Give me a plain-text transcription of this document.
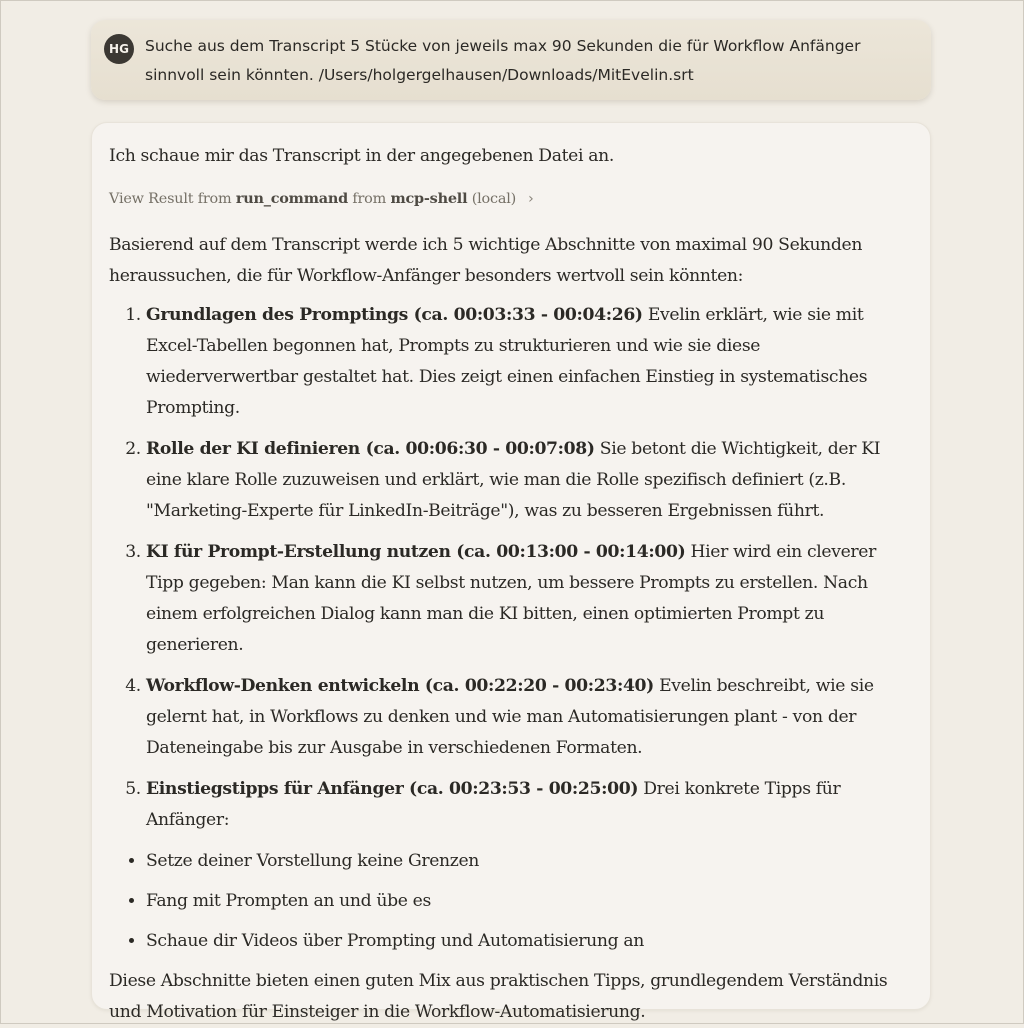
HG	Suche aus dem Transcript 5 Stücke von jeweils max 90 Sekunden die für Workflow Anfänger sinnvoll sein könnten. /Users/holgergelhausen/Downloads/MitEvelin.srt

Ich schaue mir das Transcript in der angegebenen Datei an.

View Result from run_command from mcp-shell (local) ›

Basierend auf dem Transcript werde ich 5 wichtige Abschnitte von maximal 90 Sekunden heraussuchen, die für Workflow-Anfänger besonders wertvoll sein könnten:

1. Grundlagen des Promptings (ca. 00:03:33 - 00:04:26) Evelin erklärt, wie sie mit Excel-Tabellen begonnen hat, Prompts zu strukturieren und wie sie diese wiederverwertbar gestaltet hat. Dies zeigt einen einfachen Einstieg in systematisches Prompting.
2. Rolle der KI definieren (ca. 00:06:30 - 00:07:08) Sie betont die Wichtigkeit, der KI eine klare Rolle zuzuweisen und erklärt, wie man die Rolle spezifisch definiert (z.B. "Marketing-Experte für LinkedIn-Beiträge"), was zu besseren Ergebnissen führt.
3. KI für Prompt-Erstellung nutzen (ca. 00:13:00 - 00:14:00) Hier wird ein cleverer Tipp gegeben: Man kann die KI selbst nutzen, um bessere Prompts zu erstellen. Nach einem erfolgreichen Dialog kann man die KI bitten, einen optimierten Prompt zu generieren.
4. Workflow-Denken entwickeln (ca. 00:22:20 - 00:23:40) Evelin beschreibt, wie sie gelernt hat, in Workflows zu denken und wie man Automatisierungen plant - von der Dateneingabe bis zur Ausgabe in verschiedenen Formaten.
5. Einstiegstipps für Anfänger (ca. 00:23:53 - 00:25:00) Drei konkrete Tipps für Anfänger:
• Setze deiner Vorstellung keine Grenzen
• Fang mit Prompten an und übe es
• Schaue dir Videos über Prompting und Automatisierung an

Diese Abschnitte bieten einen guten Mix aus praktischen Tipps, grundlegendem Verständnis und Motivation für Einsteiger in die Workflow-Automatisierung.
